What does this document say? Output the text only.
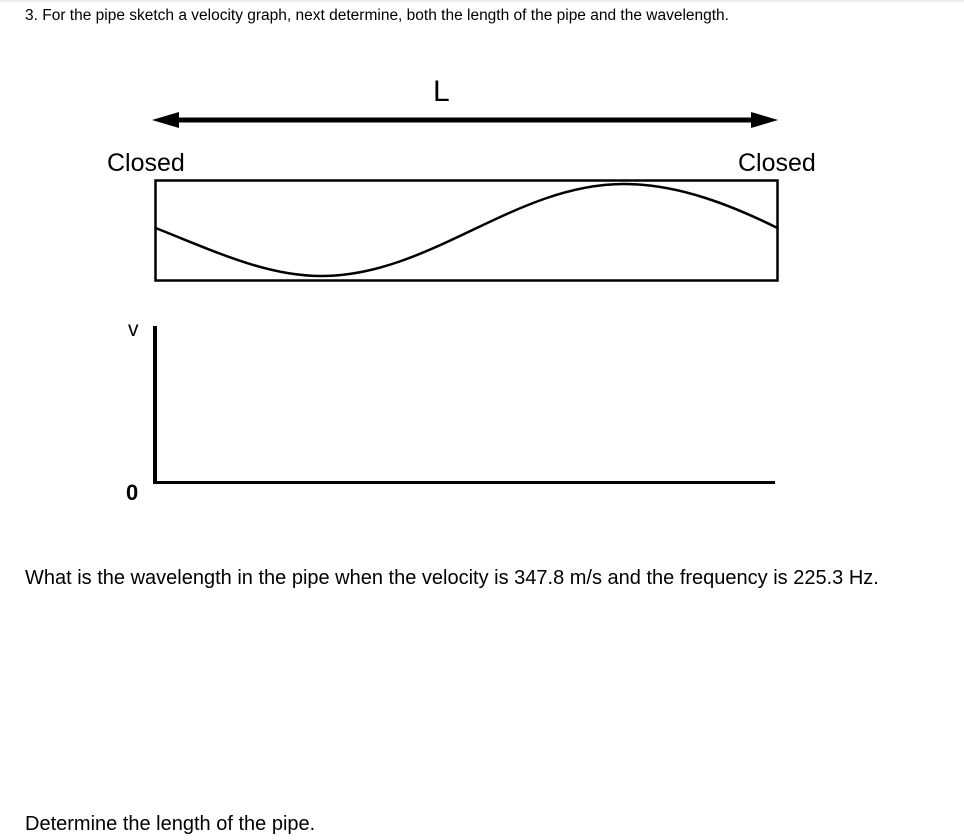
3. For the pipe sketch a velocity graph, next determine, both the length of the pipe and the wavelength.

L
Closed	Closed
v
0

What is the wavelength in the pipe when the velocity is 347.8 m/s and the frequency is 225.3 Hz.

Determine the length of the pipe.
